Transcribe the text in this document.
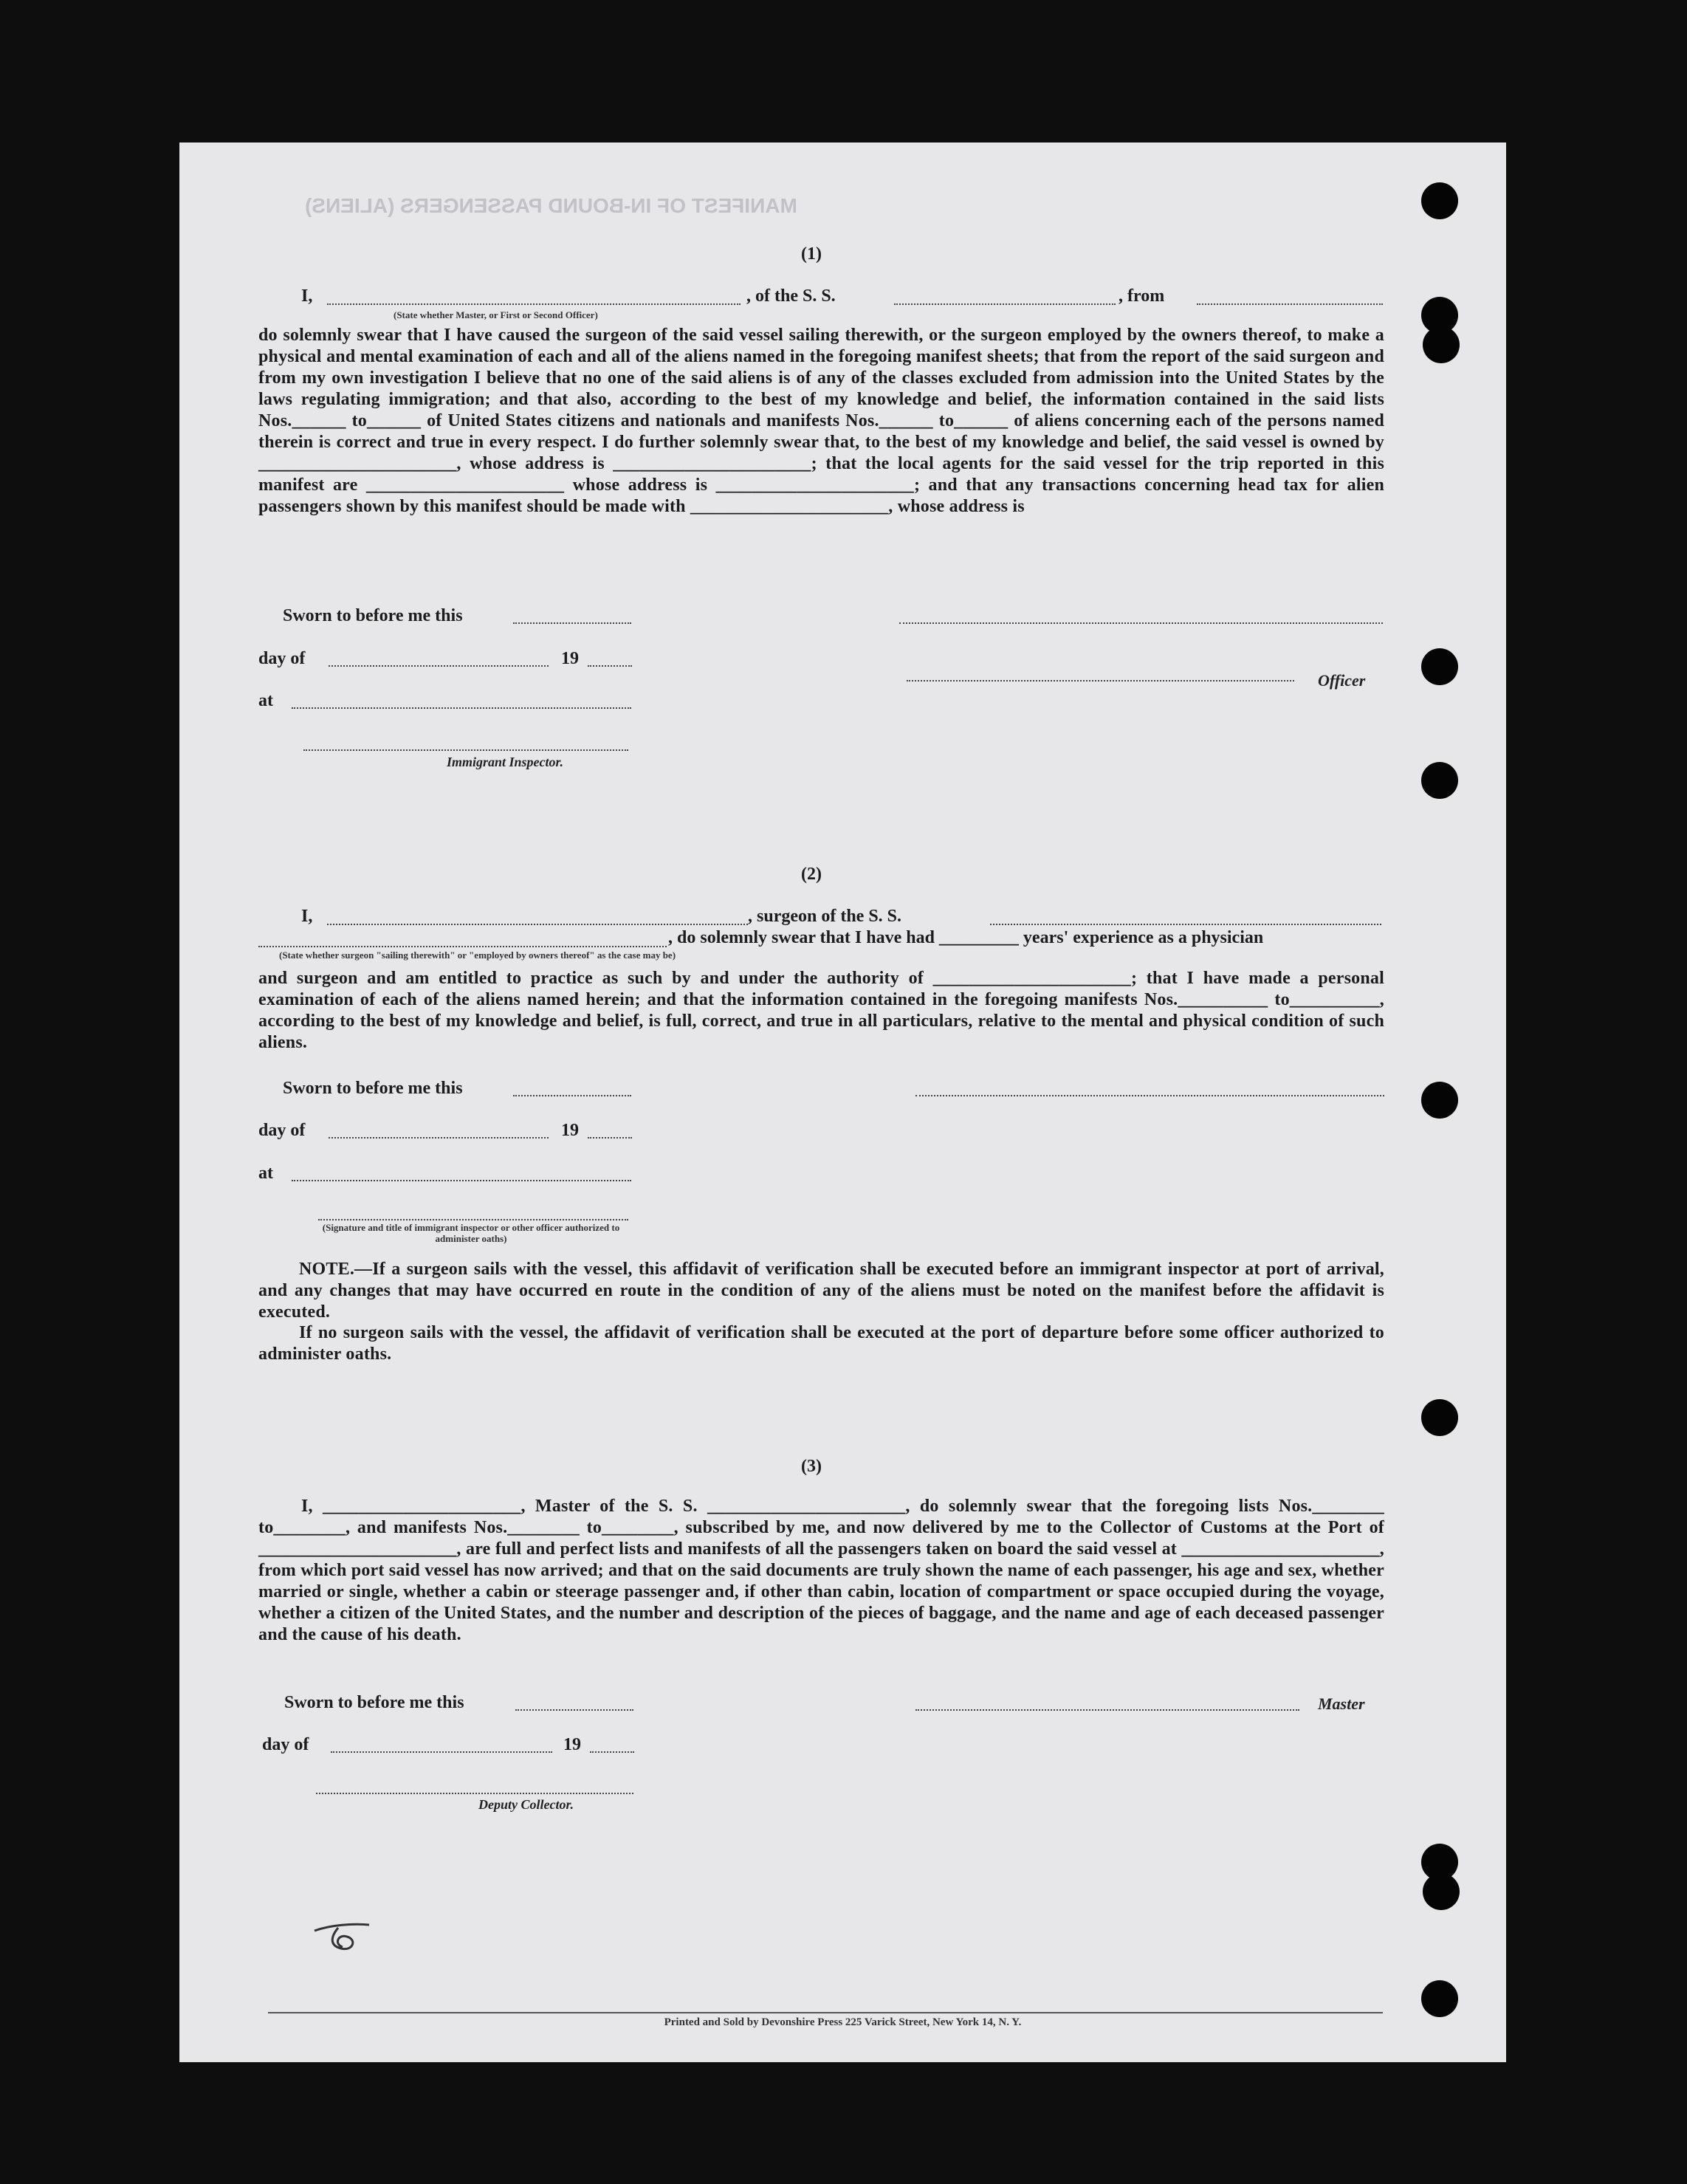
MANIFEST OF IN-BOUND PASSENGERS (ALIENS)
(1)
I,
(State whether Master, or First or Second Officer)
, of the S. S.	, from
do solemnly swear that I have caused the surgeon of the said vessel sailing therewith, or the surgeon employed by the owners thereof, to make a physical and mental examination of each and all of the aliens named in the foregoing manifest sheets; that from the report of the said surgeon and from my own investigation I believe that no one of the said aliens is of any of the classes excluded from admission into the United States by the laws regulating immigration; and that also, according to the best of my knowledge and belief, the information contained in the said lists Nos.______ to______ of United States citizens and nationals and manifests Nos.______ to______ of aliens concerning each of the persons named therein is correct and true in every respect. I do further solemnly swear that, to the best of my knowledge and belief, the said vessel is owned by ______________________, whose address is ______________________; that the local agents for the said vessel for the trip reported in this manifest are ______________________ whose address is ______________________; and that any transactions concerning head tax for alien passengers shown by this manifest should be made with ______________________, whose address is
Sworn to before me this
day of	19
at
Officer
Immigrant Inspector.
(2)
I,	, surgeon of the S. S.
, do solemnly swear that I have had _________ years' experience as a physician
(State whether surgeon "sailing therewith" or "employed by owners thereof" as the case may be)
and surgeon and am entitled to practice as such by and under the authority of ______________________; that I have made a personal examination of each of the aliens named herein; and that the information contained in the foregoing manifests Nos.__________ to__________, according to the best of my knowledge and belief, is full, correct, and true in all particulars, relative to the mental and physical condition of such aliens.
Sworn to before me this
day of	19
at
(Signature and title of immigrant inspector or other officer authorized to administer oaths)
NOTE.—If a surgeon sails with the vessel, this affidavit of verification shall be executed before an immigrant inspector at port of arrival, and any changes that may have occurred en route in the condition of any of the aliens must be noted on the manifest before the affidavit is executed.
If no surgeon sails with the vessel, the affidavit of verification shall be executed at the port of departure before some officer authorized to administer oaths.
(3)
I, ______________________, Master of the S. S. ______________________, do solemnly swear that the foregoing lists Nos.________ to________, and manifests Nos.________ to________, subscribed by me, and now delivered by me to the Collector of Customs at the Port of ______________________, are full and perfect lists and manifests of all the passengers taken on board the said vessel at ______________________, from which port said vessel has now arrived; and that on the said documents are truly shown the name of each passenger, his age and sex, whether married or single, whether a cabin or steerage passenger and, if other than cabin, location of compartment or space occupied during the voyage, whether a citizen of the United States, and the number and description of the pieces of baggage, and the name and age of each deceased passenger and the cause of his death.
Sworn to before me this	Master
day of	19
Deputy Collector.
Printed and Sold by Devonshire Press 225 Varick Street, New York 14, N. Y.
